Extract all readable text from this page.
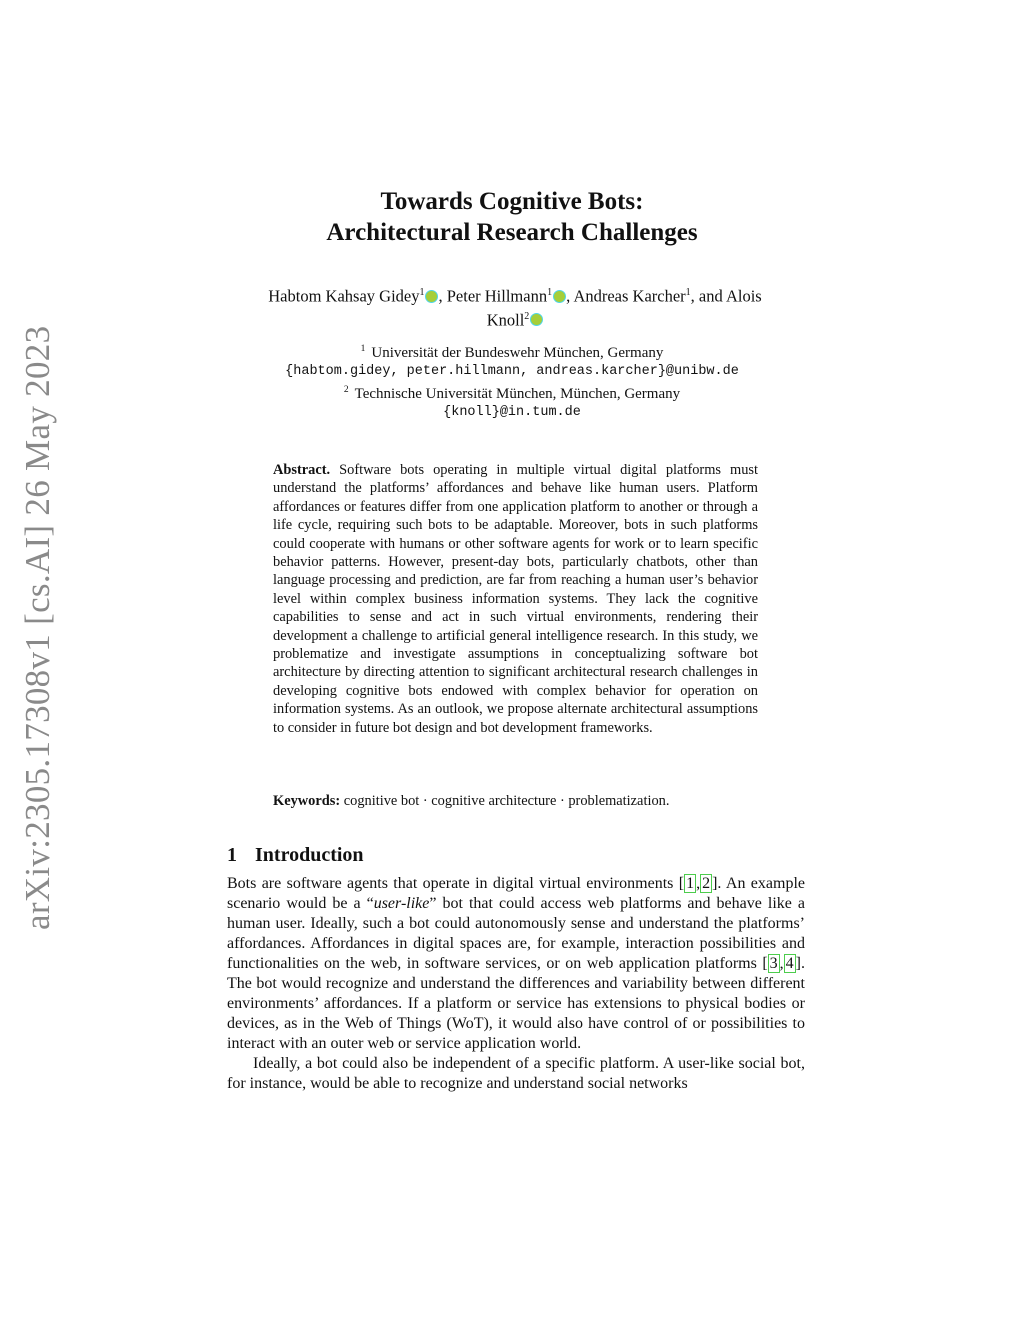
arXiv:2305.17308v1 [cs.AI] 26 May 2023
Towards Cognitive Bots:
Architectural Research Challenges
Habtom Kahsay Gidey$^1$ , Peter Hillmann$^1$ , Andreas Karcher$^1$, and Alois
Knoll$^2$
$^1$ Universität der Bundeswehr München, Germany
{habtom.gidey, peter.hillmann, andreas.karcher}@unibw.de
$^2$ Technische Universität München, München, Germany
{knoll}@in.tum.de
Abstract. Software bots operating in multiple virtual digital platforms must understand the platforms’ affordances and behave like human users. Platform affordances or features differ from one application platform to another or through a life cycle, requiring such bots to be adaptable. Moreover, bots in such platforms could cooperate with humans or other software agents for work or to learn specific behavior patterns. However, present-day bots, particularly chatbots, other than language processing and prediction, are far from reaching a human user’s behavior level within complex business information systems. They lack the cognitive capabilities to sense and act in such virtual environments, rendering their development a challenge to artificial general intelligence research. In this study, we problematize and investigate assumptions in conceptualizing software bot architecture by directing attention to significant architectural research challenges in developing cognitive bots endowed with complex behavior for operation on information systems. As an outlook, we propose alternate architectural assumptions to consider in future bot design and bot development frameworks.
Keywords: cognitive bot · cognitive architecture · problematization.
1 Introduction

Bots are software agents that operate in digital virtual environments [ 1 , 2 ]. An example scenario would be a “user-like” bot that could access web platforms and behave like a human user. Ideally, such a bot could autonomously sense and understand the platforms’ affordances. Affordances in digital spaces are, for example, interaction possibilities and functionalities on the web, in software services, or on web application platforms [ 3 , 4 ]. The bot would recognize and understand the differences and variability between different environments’ affordances. If a platform or service has extensions to physical bodies or devices, as in the Web of Things (WoT), it would also have control of or possibilities to interact with an outer web or service application world.

Ideally, a bot could also be independent of a specific platform. A user-like social bot, for instance, would be able to recognize and understand social networks
